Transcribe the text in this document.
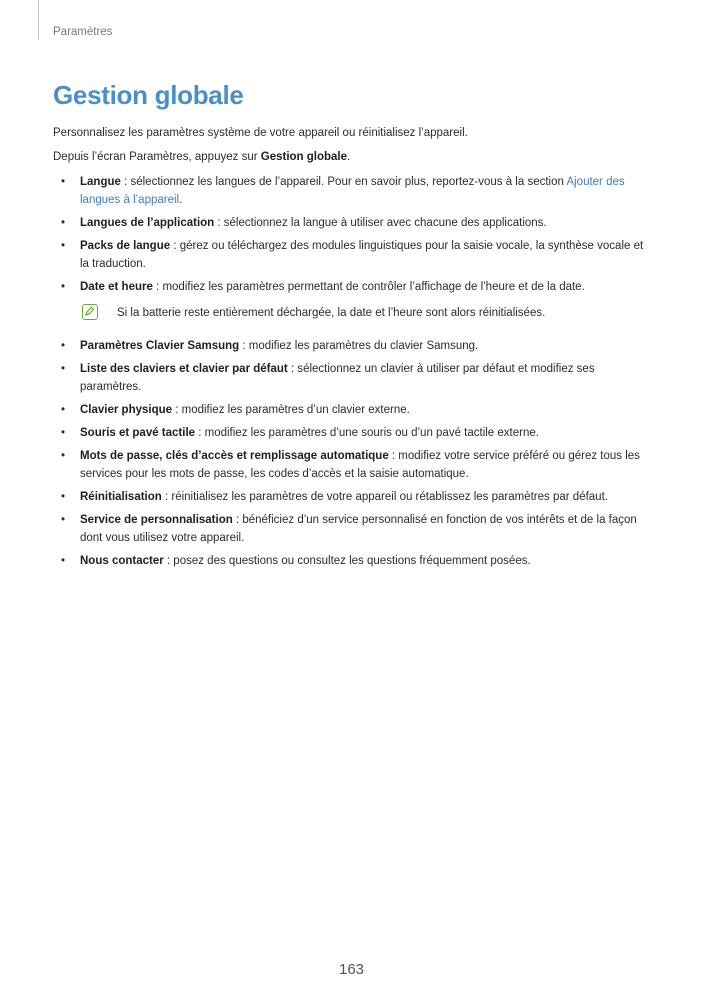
Paramètres
Gestion globale

Personnalisez les paramètres système de votre appareil ou réinitialisez l’appareil.

Depuis l’écran Paramètres, appuyez sur Gestion globale.

• Langue : sélectionnez les langues de l’appareil. Pour en savoir plus, reportez-vous à la section Ajouter des langues à l’appareil.
• Langues de l’application : sélectionnez la langue à utiliser avec chacune des applications.
• Packs de langue : gérez ou téléchargez des modules linguistiques pour la saisie vocale, la synthèse vocale et la traduction.
• Date et heure : modifiez les paramètres permettant de contrôler l’affichage de l’heure et de la date.
Si la batterie reste entièrement déchargée, la date et l’heure sont alors réinitialisées.
• Paramètres Clavier Samsung : modifiez les paramètres du clavier Samsung.
• Liste des claviers et clavier par défaut : sélectionnez un clavier à utiliser par défaut et modifiez ses paramètres.
• Clavier physique : modifiez les paramètres d’un clavier externe.
• Souris et pavé tactile : modifiez les paramètres d’une souris ou d’un pavé tactile externe.
• Mots de passe, clés d’accès et remplissage automatique : modifiez votre service préféré ou gérez tous les services pour les mots de passe, les codes d’accès et la saisie automatique.
• Réinitialisation : réinitialisez les paramètres de votre appareil ou rétablissez les paramètres par défaut.
• Service de personnalisation : bénéficiez d’un service personnalisé en fonction de vos intérêts et de la façon dont vous utilisez votre appareil.
• Nous contacter : posez des questions ou consultez les questions fréquemment posées.
163
